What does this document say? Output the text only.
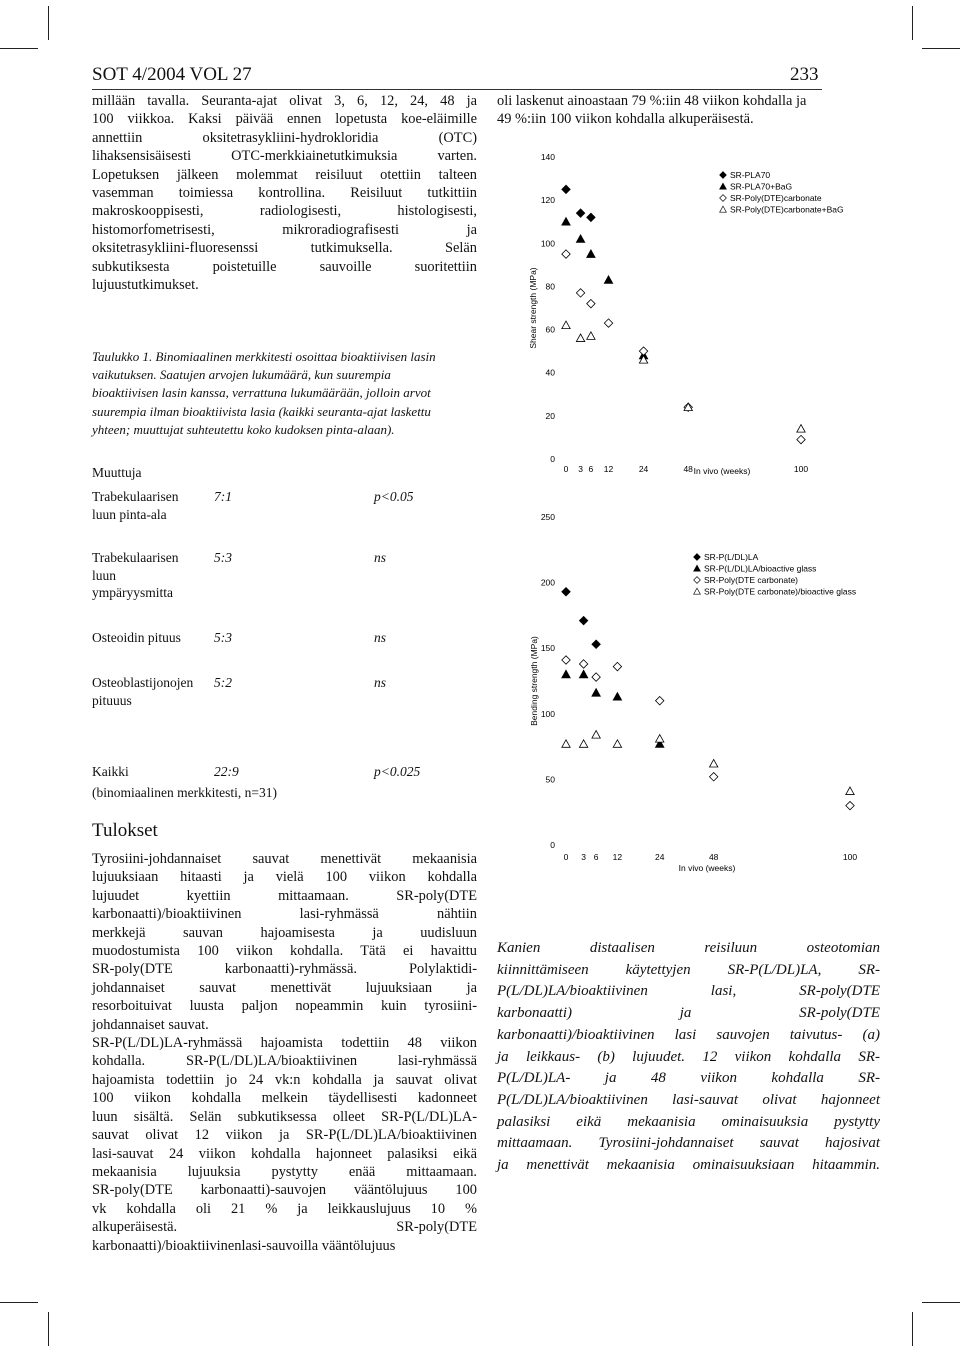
SOT 4/2004 VOL 27	233
millään tavalla. Seuranta-ajat olivat 3, 6, 12, 24, 48 ja
100 viikkoa. Kaksi päivää ennen lopetusta koe-eläimille
annettiin oksitetrasykliini-hydrokloridia (OTC)
lihaksensisäisesti OTC-merkkiainetutkimuksia varten.
Lopetuksen jälkeen molemmat reisiluut otettiin talteen
vasemman toimiessa kontrollina. Reisiluut tutkittiin
makroskooppisesti, radiologisesti, histologisesti,
histomorfometrisesti, mikroradiografisesti ja
oksitetrasykliini-fluoresenssi tutkimuksella. Selän
subkutiksesta poistetuille sauvoille suoritettiin
lujuustutkimukset.
Taulukko 1. Binomiaalinen merkkitesti osoittaa bioaktiivisen lasin
vaikutuksen. Saatujen arvojen lukumäärä, kun suurempia
bioaktiivisen lasin kanssa, verrattuna lukumäärään, jolloin arvot
suurempia ilman bioaktiivista lasia (kaikki seuranta-ajat laskettu
yhteen; muuttujat suhteutettu koko kudoksen pinta-alaan).
Muuttuja
Trabekulaarisen
luun pinta-ala
7:1	p<0.05
Trabekulaarisen
luun
ympäryysmitta
5:3	ns
Osteoidin pituus 5:3	ns
Osteoblastijonojen
pituuus
5:2	ns
Kaikki	22:9	p<0.025
(binomiaalinen merkkitesti, n=31)
Tulokset
Tyrosiini-johdannaiset sauvat menettivät mekaanisia
lujuuksiaan hitaasti ja vielä 100 viikon kohdalla
lujuudet kyettiin mittaamaan. SR-poly(DTE
karbonaatti)/bioaktiivinen lasi-ryhmässä nähtiin
merkkejä sauvan hajoamisesta ja uudisluun
muodostumista 100 viikon kohdalla. Tätä ei havaittu
SR-poly(DTE karbonaatti)-ryhmässä. Polylaktidi-
johdannaiset sauvat menettivät lujuuksiaan ja
resorboituivat luusta paljon nopeammin kuin tyrosiini-
johdannaiset sauvat.
SR-P(L/DL)LA-ryhmässä hajoamista todettiin 48 viikon
kohdalla. SR-P(L/DL)LA/bioaktiivinen lasi-ryhmässä
hajoamista todettiin jo 24 vk:n kohdalla ja sauvat olivat
100 viikon kohdalla melkein täydellisesti kadonneet
luun sisältä. Selän subkutiksessa olleet SR-P(L/DL)LA-
sauvat olivat 12 viikon ja SR-P(L/DL)LA/bioaktiivinen
lasi-sauvat 24 viikon kohdalla hajonneet palasiksi eikä
mekaanisia lujuuksia pystytty enää mittaamaan.
SR-poly(DTE karbonaatti)-sauvojen vääntölujuus 100
vk kohdalla oli 21 % ja leikkauslujuus 10 %
alkuperäisestä. SR-poly(DTE
karbonaatti)/bioaktiivinenlasi-sauvoilla vääntölujuus
oli laskenut ainoastaan 79 %:iin 48 viikon kohdalla ja
49 %:iin 100 viikon kohdalla alkuperäisestä.
0
20
40
60
80
100
120
140
Shear strength (MPa)
0 3 6 12	24	48	100
In vivo (weeks)
SR-PLA70
SR-PLA70+BaG
SR-Poly(DTE)carbonate
SR-Poly(DTE)carbonate+BaG
0
50
100
150
200
250
Bending strength (MPa)
0 3 6 12	24	48	100
In vivo (weeks)
SR-P(L/DL)LA
SR-P(L/DL)LA/bioactive glass
SR-Poly(DTE carbonate)
SR-Poly(DTE carbonate)/bioactive glass
Kanien distaalisen reisiluun osteotomian
kiinnittämiseen käytettyjen SR-P(L/DL)LA, SR-
P(L/DL)LA/bioaktiivinen lasi, SR-poly(DTE
karbonaatti) ja SR-poly(DTE
karbonaatti)/bioaktiivinen lasi sauvojen taivutus- (a)
ja leikkaus- (b) lujuudet. 12 viikon kohdalla SR-
P(L/DL)LA- ja 48 viikon kohdalla SR-
P(L/DL)LA/bioaktiivinen lasi-sauvat olivat hajonneet
palasiksi eikä mekaanisia ominaisuuksia pystytty
mittaamaan. Tyrosiini-johdannaiset sauvat hajosivat
ja menettivät mekaanisia ominaisuuksiaan hitaammin.
